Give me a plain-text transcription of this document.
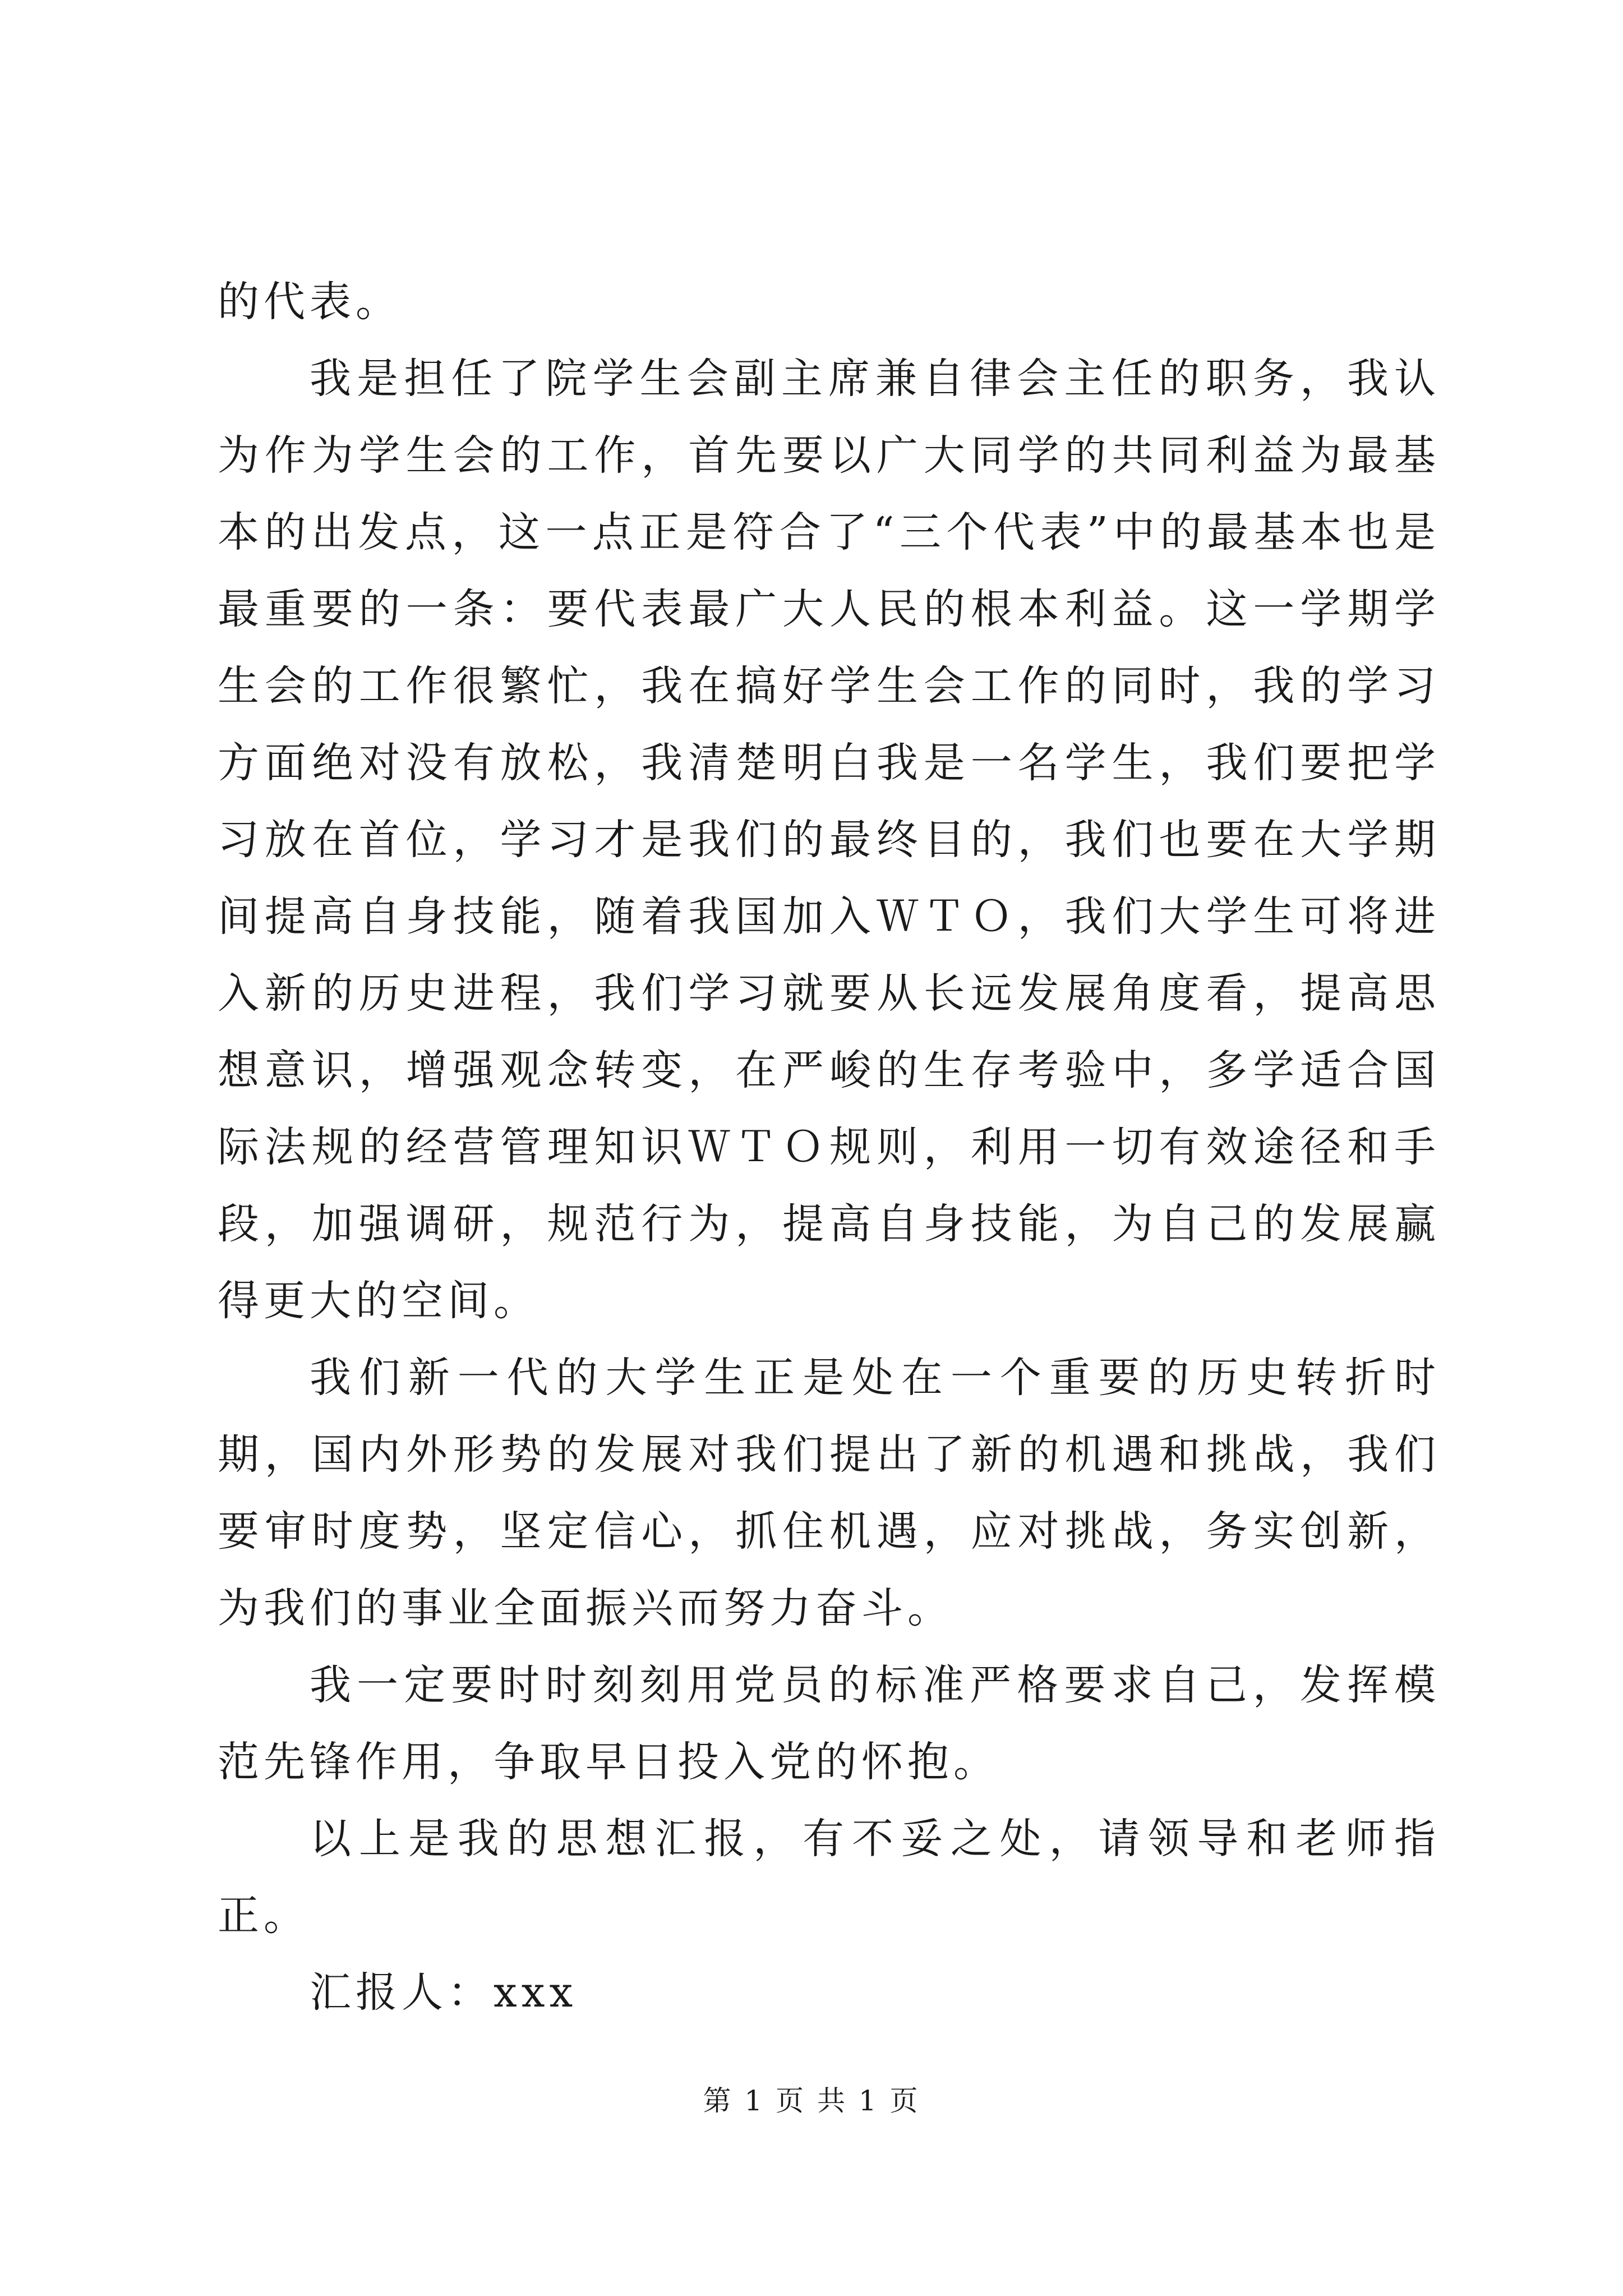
的代表。

我是担任了院学生会副主席兼自律会主任的职务，我认为作为学生会的工作，首先要以广大同学的共同利益为最基本的出发点，这一点正是符合了“三个代表”中的最基本也是最重要的一条：要代表最广大人民的根本利益。这一学期学生会的工作很繁忙，我在搞好学生会工作的同时，我的学习方面绝对没有放松，我清楚明白我是一名学生，我们要把学习放在首位，学习才是我们的最终目的，我们也要在大学期间提高自身技能，随着我国加入ＷＴＯ，我们大学生可将进入新的历史进程，我们学习就要从长远发展角度看，提高思想意识，增强观念转变，在严峻的生存考验中，多学适合国际法规的经营管理知识ＷＴＯ规则，利用一切有效途径和手段，加强调研，规范行为，提高自身技能，为自己的发展赢得更大的空间。

我们新一代的大学生正是处在一个重要的历史转折时期，国内外形势的发展对我们提出了新的机遇和挑战，我们要审时度势，坚定信心，抓住机遇，应对挑战，务实创新，为我们的事业全面振兴而努力奋斗。

我一定要时时刻刻用党员的标准严格要求自己，发挥模范先锋作用，争取早日投入党的怀抱。

以上是我的思想汇报，有不妥之处，请领导和老师指正。

汇报人：xxx

第 1 页 共 1 页
